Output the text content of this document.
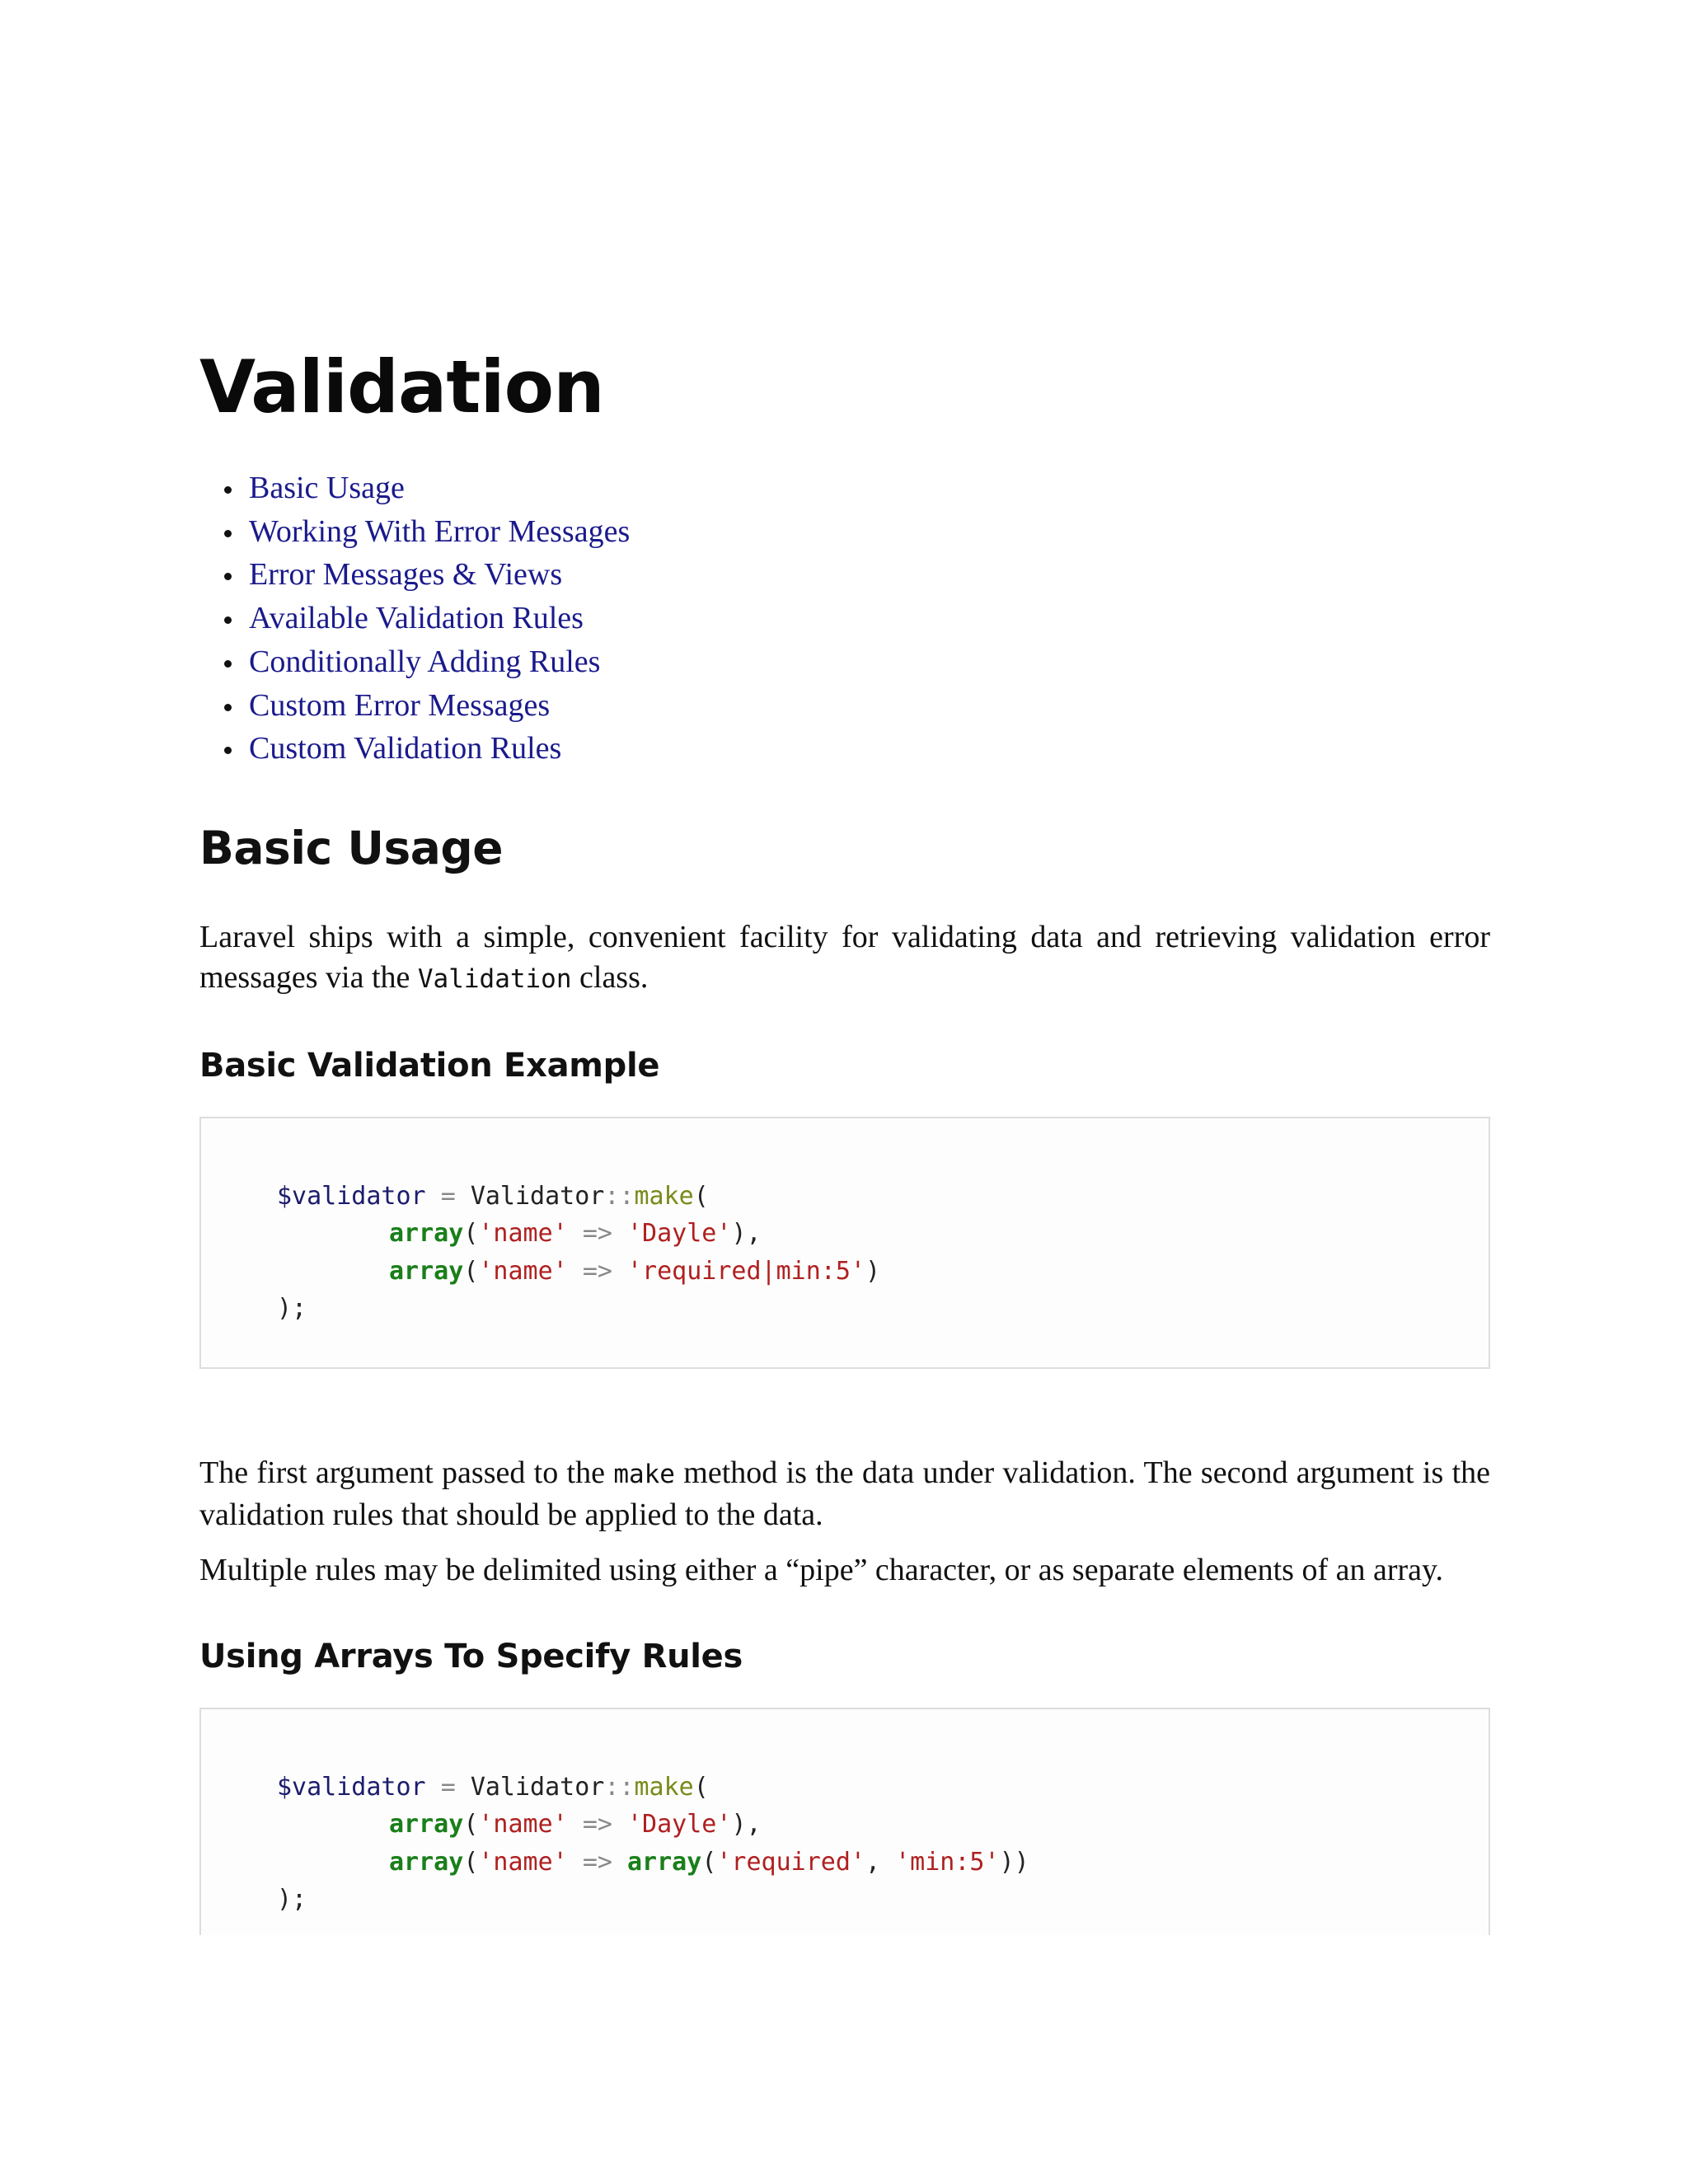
Validation
Basic Usage
Working With Error Messages
Error Messages & Views
Available Validation Rules
Conditionally Adding Rules
Custom Error Messages
Custom Validation Rules
Basic Usage

Laravel ships with a simple, convenient facility for validating data and retrieving validation error messages via the Validation class.

Basic Validation Example
$validator = Validator::make(
array('name' => 'Dayle'),
array('name' => 'required|min:5')
);

The first argument passed to the make method is the data under validation. The second argument is the validation rules that should be applied to the data.

Multiple rules may be delimited using either a “pipe” character, or as separate elements of an array.

Using Arrays To Specify Rules
$validator = Validator::make(
array('name' => 'Dayle'),
array('name' => array('required', 'min:5'))
);
